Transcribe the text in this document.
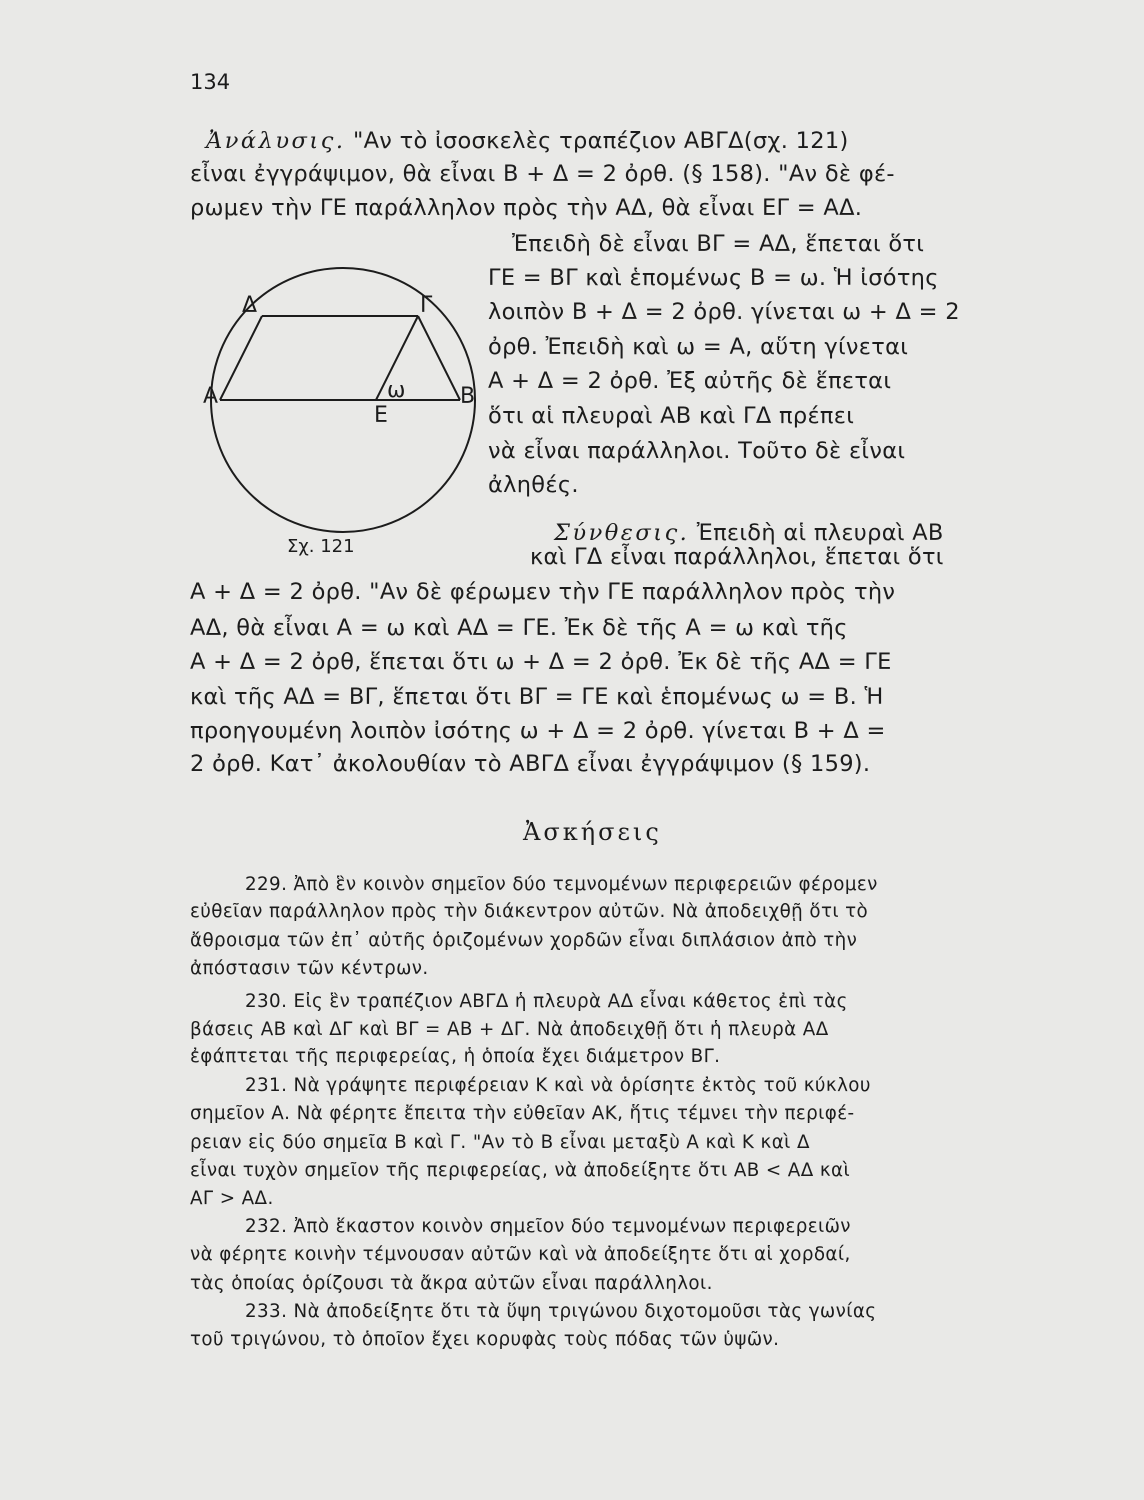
134
Ἀνάλυσις. "Αν τὸ ἰσοσκελὲς τραπέζιον ΑΒΓΔ(σχ. 121)
εἶναι ἐγγράψιμον, θὰ εἶναι Β + Δ = 2 ὀρθ. (§ 158). "Αν δὲ φέ-
ρωμεν τὴν ΓΕ παράλληλον πρὸς τὴν ΑΔ, θὰ εἶναι ΕΓ = ΑΔ.
Ἐπειδὴ δὲ εἶναι ΒΓ = ΑΔ, ἕπεται ὅτι
ΓΕ = ΒΓ καὶ ἑπομένως Β = ω. Ἡ ἰσότης
λοιπὸν Β + Δ = 2 ὀρθ. γίνεται ω + Δ = 2
ὀρθ. Ἐπειδὴ καὶ ω = Α, αὕτη γίνεται
Α + Δ = 2 ὀρθ. Ἐξ αὐτῆς δὲ ἕπεται
ὅτι αἱ πλευραὶ ΑΒ καὶ ΓΔ πρέπει
νὰ εἶναι παράλληλοι. Τοῦτο δὲ εἶναι
ἀληθές.
Δ	Γ
Α	Β
Ε
ω
Σχ. 121
Σύνθεσις. Ἐπειδὴ αἱ πλευραὶ ΑΒ
καὶ ΓΔ εἶναι παράλληλοι, ἕπεται ὅτι
Α + Δ = 2 ὀρθ. "Αν δὲ φέρωμεν τὴν ΓΕ παράλληλον πρὸς τὴν
ΑΔ, θὰ εἶναι Α = ω καὶ ΑΔ = ΓΕ. Ἐκ δὲ τῆς Α = ω καὶ τῆς
Α + Δ = 2 ὀρθ, ἕπεται ὅτι ω + Δ = 2 ὀρθ. Ἐκ δὲ τῆς ΑΔ = ΓΕ
καὶ τῆς ΑΔ = ΒΓ, ἕπεται ὅτι ΒΓ = ΓΕ καὶ ἑπομένως ω = Β. Ἡ
προηγουμένη λοιπὸν ἰσότης ω + Δ = 2 ὀρθ. γίνεται Β + Δ =
2 ὀρθ. Κατ᾽ ἀκολουθίαν τὸ ΑΒΓΔ εἶναι ἐγγράψιμον (§ 159).
Ἀσκήσεις
229. Ἀπὸ ἓν κοινὸν σημεῖον δύο τεμνομένων περιφερειῶν φέρομεν
εὐθεῖαν παράλληλον πρὸς τὴν διάκεντρον αὐτῶν. Νὰ ἀποδειχθῇ ὅτι τὸ
ἄθροισμα τῶν ἐπ᾽ αὐτῆς ὁριζομένων χορδῶν εἶναι διπλάσιον ἀπὸ τὴν
ἀπόστασιν τῶν κέντρων.
230. Εἰς ἓν τραπέζιον ΑΒΓΔ ἡ πλευρὰ ΑΔ εἶναι κάθετος ἐπὶ τὰς
βάσεις ΑΒ καὶ ΔΓ καὶ ΒΓ = ΑΒ + ΔΓ. Νὰ ἀποδειχθῇ ὅτι ἡ πλευρὰ ΑΔ
ἐφάπτεται τῆς περιφερείας, ἡ ὁποία ἔχει διάμετρον ΒΓ.
231. Νὰ γράψητε περιφέρειαν Κ καὶ νὰ ὁρίσητε ἐκτὸς τοῦ κύκλου
σημεῖον Α. Νὰ φέρητε ἔπειτα τὴν εὐθεῖαν ΑΚ, ἥτις τέμνει τὴν περιφέ-
ρειαν εἰς δύο σημεῖα Β καὶ Γ. "Αν τὸ Β εἶναι μεταξὺ Α καὶ Κ καὶ Δ
εἶναι τυχὸν σημεῖον τῆς περιφερείας, νὰ ἀποδείξητε ὅτι ΑΒ < ΑΔ καὶ
ΑΓ > ΑΔ.
232. Ἀπὸ ἕκαστον κοινὸν σημεῖον δύο τεμνομένων περιφερειῶν
νὰ φέρητε κοινὴν τέμνουσαν αὐτῶν καὶ νὰ ἀποδείξητε ὅτι αἱ χορδαί,
τὰς ὁποίας ὁρίζουσι τὰ ἄκρα αὐτῶν εἶναι παράλληλοι.
233. Νὰ ἀποδείξητε ὅτι τὰ ὕψη τριγώνου διχοτομοῦσι τὰς γωνίας
τοῦ τριγώνου, τὸ ὁποῖον ἔχει κορυφὰς τοὺς πόδας τῶν ὑψῶν.
